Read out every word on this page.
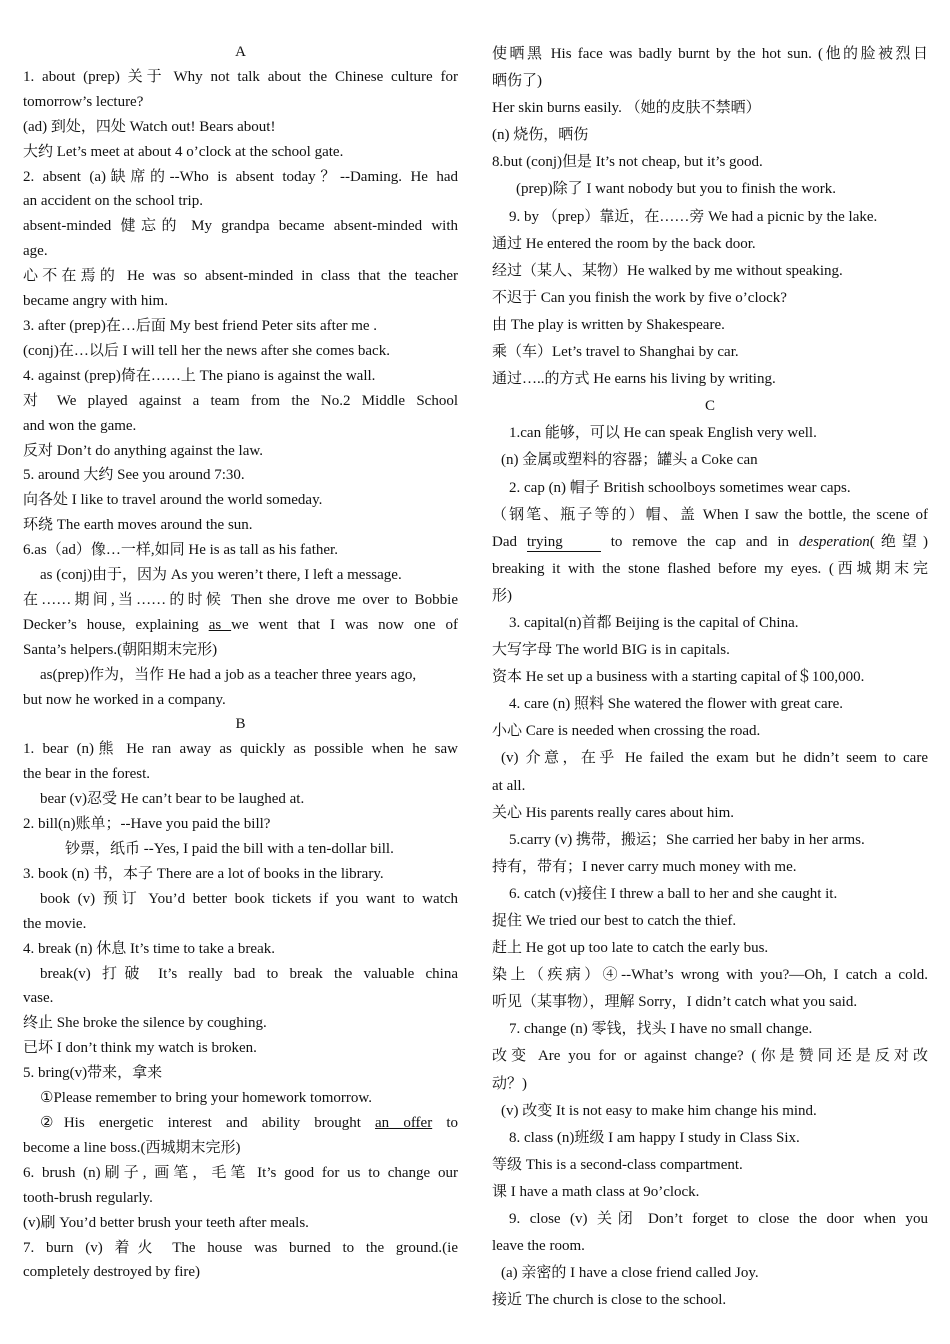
A
1. about (prep) 关于 Why not talk about the Chinese culture for
tomorrow’s lecture?
(ad) 到处，四处 Watch out! Bears about!
大约 Let’s meet at about 4 o’clock at the school gate.
2. absent (a)缺席的--Who is absent today？--Daming. He had
an accident on the school trip.
absent-minded 健忘的 My grandpa became absent-minded with
age.
心不在焉的 He was so absent-minded in class that the teacher
became angry with him.
3. after (prep)在…后面 My best friend Peter sits after me .
(conj)在…以后 I will tell her the news after she comes back.
4. against (prep)倚在……上 The piano is against the wall.
对 We played against a team from the No.2 Middle School
and won the game.
反对 Don’t do anything against the law.
5. around 大约 See you around 7:30.
向各处 I like to travel around the world someday.
环绕 The earth moves around the sun.
6.as（ad）像…一样,如同 He is as tall as his father.
as (conj)由于，因为 As you weren’t there, I left a message.
在……期间,当……的时候 Then she drove me over to Bobbie
Decker’s house, explaining as we went that I was now one of
Santa’s helpers.(朝阳期末完形)
as(prep)作为，当作 He had a job as a teacher three years ago,
but now he worked in a company.
B
1. bear (n)熊 He ran away as quickly as possible when he saw
the bear in the forest.
bear (v)忍受 He can’t bear to be laughed at.
2. bill(n)账单；--Have you paid the bill?
钞票，纸币 --Yes, I paid the bill with a ten-dollar bill.
3. book (n) 书，本子 There are a lot of books in the library.
book (v) 预订 You’d better book tickets if you want to watch
the movie.
4. break (n) 休息 It’s time to take a break.
break(v) 打破 It’s really bad to break the valuable china
vase.
终止 She broke the silence by coughing.
已坏 I don’t think my watch is broken.
5. bring(v)带来，拿来
①Please remember to bring your homework tomorrow.
②His energetic interest and ability brought an offer to
become a line boss.(西城期末完形)
6. brush (n)刷子, 画笔，毛笔 It’s good for us to change our
tooth-brush regularly.
(v)刷 You’d better brush your teeth after meals.
7. burn (v) 着火 The house was burned to the ground.(ie
completely destroyed by fire)
使晒黑 His face was badly burnt by the hot sun. (他的脸被烈日
晒伤了)
Her skin burns easily. （她的皮肤不禁晒）
(n) 烧伤，晒伤
8.but (conj)但是 It’s not cheap, but it’s good.
(prep)除了 I want nobody but you to finish the work.
9. by （prep）靠近，在……旁 We had a picnic by the lake.
通过 He entered the room by the back door.
经过（某人、某物）He walked by me without speaking.
不迟于 Can you finish the work by five o’clock?
由 The play is written by Shakespeare.
乘（车）Let’s travel to Shanghai by car.
通过…..的方式 He earns his living by writing.
C
1.can 能够，可以 He can speak English very well.
(n) 金属或塑料的容器；罐头 a Coke can
2. cap (n) 帽子 British schoolboys sometimes wear caps.
（钢笔、瓶子等的）帽、盖 When I saw the bottle, the scene of
Dad trying	to remove the cap and in desperation(绝望)
breaking it with the stone flashed before my eyes. (西城期末完
形)
3. capital(n)首都 Beijing is the capital of China.
大写字母 The world BIG is in capitals.
资本 He set up a business with a starting capital of＄100,000.
4. care (n) 照料 She watered the flower with great care.
小心 Care is needed when crossing the road.
(v) 介意，在乎 He failed the exam but he didn’t seem to care
at all.
关心 His parents really cares about him.
5.carry (v) 携带，搬运；She carried her baby in her arms.
持有，带有；I never carry much money with me.
6. catch (v)接住 I threw a ball to her and she caught it.
捉住 We tried our best to catch the thief.
赶上 He got up too late to catch the early bus.
染上（疾病）④--What’s wrong with you?—Oh, I catch a cold.
听见（某事物），理解 Sorry，I didn’t catch what you said.
7. change (n) 零钱，找头 I have no small change.
改变 Are you for or against change? (你是赞同还是反对改
动？)
(v) 改变 It is not easy to make him change his mind.
8. class (n)班级 I am happy I study in Class Six.
等级 This is a second-class compartment.
课 I have a math class at 9o’clock.
9. close (v) 关闭 Don’t forget to close the door when you
leave the room.
(a) 亲密的 I have a close friend called Joy.
接近 The church is close to the school.
